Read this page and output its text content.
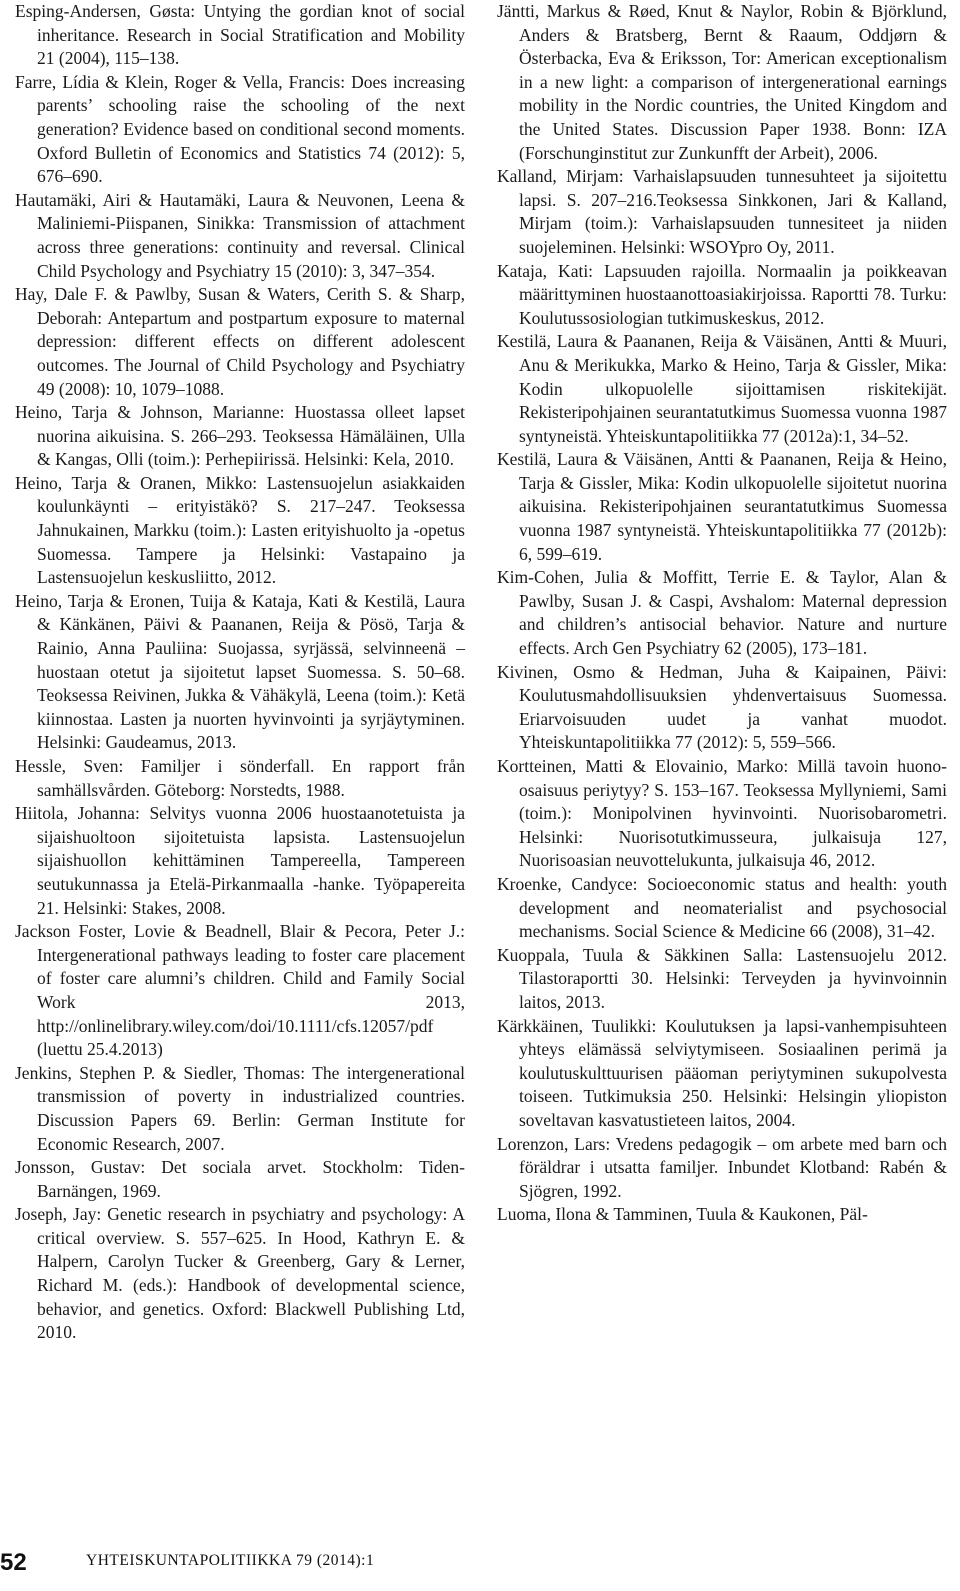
Esping-Andersen, Gøsta: Untying the gordian knot of social inheritance. Research in Social Stratification and Mobility 21 (2004), 115–138.

Farre, Lídia & Klein, Roger & Vella, Francis: Does increasing parents’ schooling raise the schooling of the next generation? Evidence based on conditional second moments. Oxford Bulletin of Economics and Statistics 74 (2012): 5, 676–690.

Hautamäki, Airi & Hautamäki, Laura & Neuvonen, Leena & Maliniemi-Piispanen, Sinikka: Transmission of attachment across three generations: continuity and reversal. Clinical Child Psychology and Psychiatry 15 (2010): 3, 347–354.

Hay, Dale F. & Pawlby, Susan & Waters, Cerith S. & Sharp, Deborah: Antepartum and postpartum exposure to maternal depression: different effects on different adolescent outcomes. The Journal of Child Psychology and Psychiatry 49 (2008): 10, 1079–1088.

Heino, Tarja & Johnson, Marianne: Huostassa olleet lapset nuorina aikuisina. S. 266–293. Teoksessa Hämäläinen, Ulla & Kangas, Olli (toim.): Perhepiirissä. Helsinki: Kela, 2010.

Heino, Tarja & Oranen, Mikko: Lastensuojelun asiakkaiden koulunkäynti – erityistäkö? S. 217–247. Teoksessa Jahnukainen, Markku (toim.): Lasten erityishuolto ja -opetus Suomessa. Tampere ja Helsinki: Vastapaino ja Lastensuojelun keskusliitto, 2012.

Heino, Tarja & Eronen, Tuija & Kataja, Kati & Kestilä, Laura & Känkänen, Päivi & Paananen, Reija & Pösö, Tarja & Rainio, Anna Pauliina: Suojassa, syrjässä, selvinneenä – huostaan otetut ja sijoitetut lapset Suomessa. S. 50–68. Teoksessa Reivinen, Jukka & Vähäkylä, Leena (toim.): Ketä kiinnostaa. Lasten ja nuorten hyvinvointi ja syrjäytyminen. Helsinki: Gaudeamus, 2013.

Hessle, Sven: Familjer i sönderfall. En rapport från samhällsvården. Göteborg: Norstedts, 1988.

Hiitola, Johanna: Selvitys vuonna 2006 huostaanotetuista ja sijaishuoltoon sijoitetuista lapsista. Lastensuojelun sijaishuollon kehittäminen Tampereella, Tampereen seutukunnassa ja Etelä-Pirkanmaalla -hanke. Työpapereita 21. Helsinki: Stakes, 2008.

Jackson Foster, Lovie & Beadnell, Blair & Pecora, Peter J.: Intergenerational pathways leading to foster care placement of foster care alumni’s children. Child and Family Social Work 2013, http://onlinelibrary.wiley.com/doi/10.1111/cfs.12057/pdf (luettu 25.4.2013)

Jenkins, Stephen P. & Siedler, Thomas: The intergenerational transmission of poverty in industrialized countries. Discussion Papers 69. Berlin: German Institute for Economic Research, 2007.

Jonsson, Gustav: Det sociala arvet. Stockholm: Tiden-Barnängen, 1969.

Joseph, Jay: Genetic research in psychiatry and psychology: A critical overview. S. 557–625. In Hood, Kathryn E. & Halpern, Carolyn Tucker & Greenberg, Gary & Lerner, Richard M. (eds.): Handbook of developmental science, behavior, and genetics. Oxford: Blackwell Publishing Ltd, 2010.

Jäntti, Markus & Røed, Knut & Naylor, Robin & Björklund, Anders & Bratsberg, Bernt & Raaum, Oddjørn & Österbacka, Eva & Eriksson, Tor: American exceptionalism in a new light: a comparison of intergenerational earnings mobility in the Nordic countries, the United Kingdom and the United States. Discussion Paper 1938. Bonn: IZA (Forschunginstitut zur Zunkunfft der Arbeit), 2006.

Kalland, Mirjam: Varhaislapsuuden tunnesuhteet ja sijoitettu lapsi. S. 207–216.Teoksessa Sinkkonen, Jari & Kalland, Mirjam (toim.): Varhaislapsuuden tunnesiteet ja niiden suojeleminen. Helsinki: WSOYpro Oy, 2011.

Kataja, Kati: Lapsuuden rajoilla. Normaalin ja poikkeavan määrittyminen huostaanottoasiakirjoissa. Raportti 78. Turku: Koulutussosiologian tutkimuskeskus, 2012.

Kestilä, Laura & Paananen, Reija & Väisänen, Antti & Muuri, Anu & Merikukka, Marko & Heino, Tarja & Gissler, Mika: Kodin ulkopuolelle sijoittamisen riskitekijät. Rekisteripohjainen seurantatutkimus Suomessa vuonna 1987 syntyneistä. Yhteiskuntapolitiikka 77 (2012a):1, 34–52.

Kestilä, Laura & Väisänen, Antti & Paananen, Reija & Heino, Tarja & Gissler, Mika: Kodin ulkopuolelle sijoitetut nuorina aikuisina. Rekisteripohjainen seurantatutkimus Suomessa vuonna 1987 syntyneistä. Yhteiskuntapolitiikka 77 (2012b): 6, 599–619.

Kim-Cohen, Julia & Moffitt, Terrie E. & Taylor, Alan & Pawlby, Susan J. & Caspi, Avshalom: Maternal depression and children’s antisocial behavior. Nature and nurture effects. Arch Gen Psychiatry 62 (2005), 173–181.

Kivinen, Osmo & Hedman, Juha & Kaipainen, Päivi: Koulutusmahdollisuuksien yhdenvertaisuus Suomessa. Eriarvoisuuden uudet ja vanhat muodot. Yhteiskuntapolitiikka 77 (2012): 5, 559–566.

Kortteinen, Matti & Elovainio, Marko: Millä tavoin huono-osaisuus periytyy? S. 153–167. Teoksessa Myllyniemi, Sami (toim.): Monipolvinen hyvinvointi. Nuorisobarometri. Helsinki: Nuorisotutkimusseura, julkaisuja 127, Nuorisoasian neuvottelukunta, julkaisuja 46, 2012.

Kroenke, Candyce: Socioeconomic status and health: youth development and neomaterialist and psychosocial mechanisms. Social Science & Medicine 66 (2008), 31–42.

Kuoppala, Tuula & Säkkinen Salla: Lastensuojelu 2012. Tilastoraportti 30. Helsinki: Terveyden ja hyvinvoinnin laitos, 2013.

Kärkkäinen, Tuulikki: Koulutuksen ja lapsi-vanhempisuhteen yhteys elämässä selviytymiseen. Sosiaalinen perimä ja koulutuskulttuurisen pääoman periytyminen sukupolvesta toiseen. Tutkimuksia 250. Helsinki: Helsingin yliopiston soveltavan kasvatustieteen laitos, 2004.

Lorenzon, Lars: Vredens pedagogik – om arbete med barn och föräldrar i utsatta familjer. Inbundet Klotband: Rabén & Sjögren, 1992.

Luoma, Ilona & Tamminen, Tuula & Kaukonen, Päl-

52	YHTEISKUNTAPOLITIIKKA 79 (2014):1
